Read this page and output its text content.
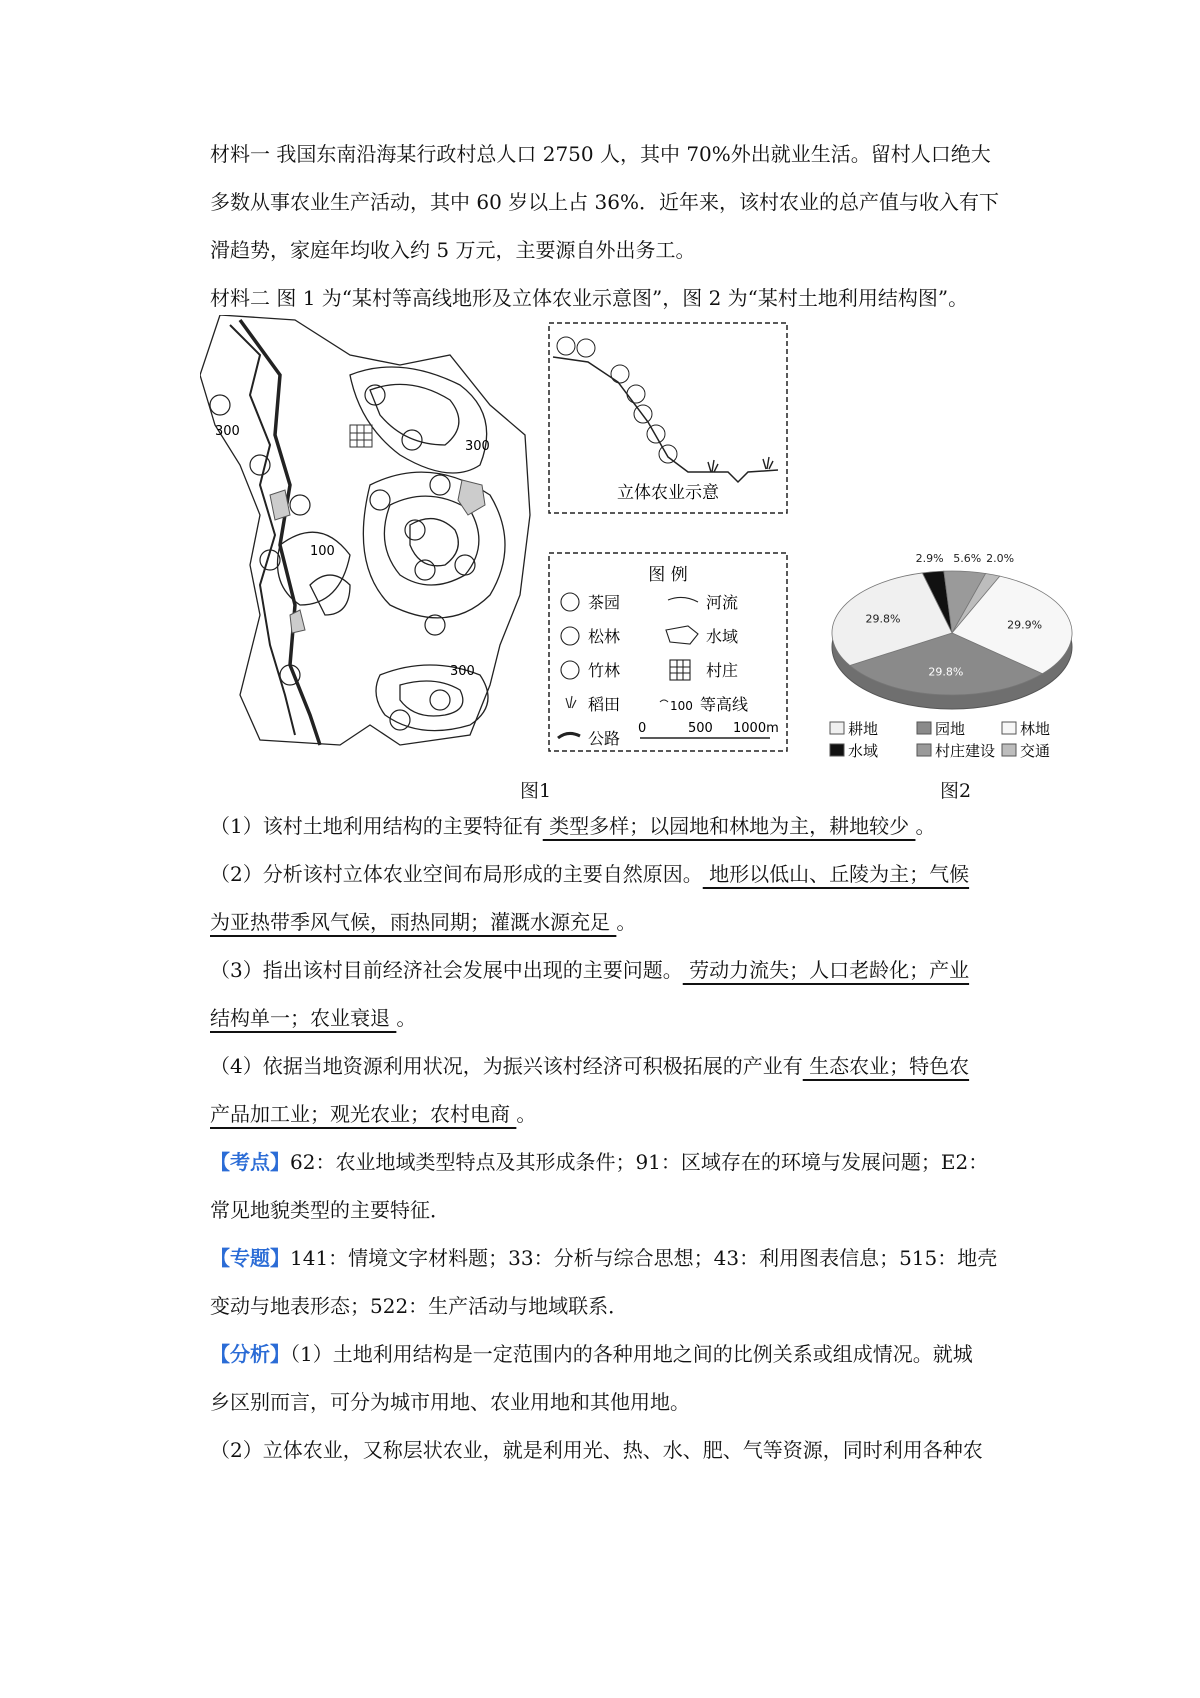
材料一 我国东南沿海某行政村总人口 2750 人，其中 70%外出就业生活。留村人口绝大
多数从事农业生产活动，其中 60 岁以上占 36%．近年来，该村农业的总产值与收入有下
滑趋势，家庭年均收入约 5 万元，主要源自外出务工。
材料二 图 1 为“某村等高线地形及立体农业示意图”，图 2 为“某村土地利用结构图”。
300
300
100
300
立体农业示意
图 例
茶园	河流
松林	水域
竹林	村庄
稻田	100 等高线
公路
0	500 1000m
图1
2.9% 5.6% 2.0%
29.9%
29.8%
29.8%
耕地	园地	林地
水域	村庄建设 交通
图2
（1）该村土地利用结构的主要特征有 类型多样；以园地和林地为主，耕地较少 。
（2）分析该村立体农业空间布局形成的主要自然原因。 地形以低山、丘陵为主；气候
为亚热带季风气候，雨热同期；灌溉水源充足 。
（3）指出该村目前经济社会发展中出现的主要问题。 劳动力流失；人口老龄化；产业
结构单一；农业衰退 。
（4）依据当地资源利用状况，为振兴该村经济可积极拓展的产业有 生态农业；特色农
产品加工业；观光农业；农村电商 。
【考点】62：农业地域类型特点及其形成条件；91：区域存在的环境与发展问题；E2：
常见地貌类型的主要特征．
【专题】141：情境文字材料题；33：分析与综合思想；43：利用图表信息；515：地壳
变动与地表形态；522：生产活动与地域联系．
【分析】（1）土地利用结构是一定范围内的各种用地之间的比例关系或组成情况。就城
乡区别而言，可分为城市用地、农业用地和其他用地。
（2）立体农业，又称层状农业，就是利用光、热、水、肥、气等资源，同时利用各种农
